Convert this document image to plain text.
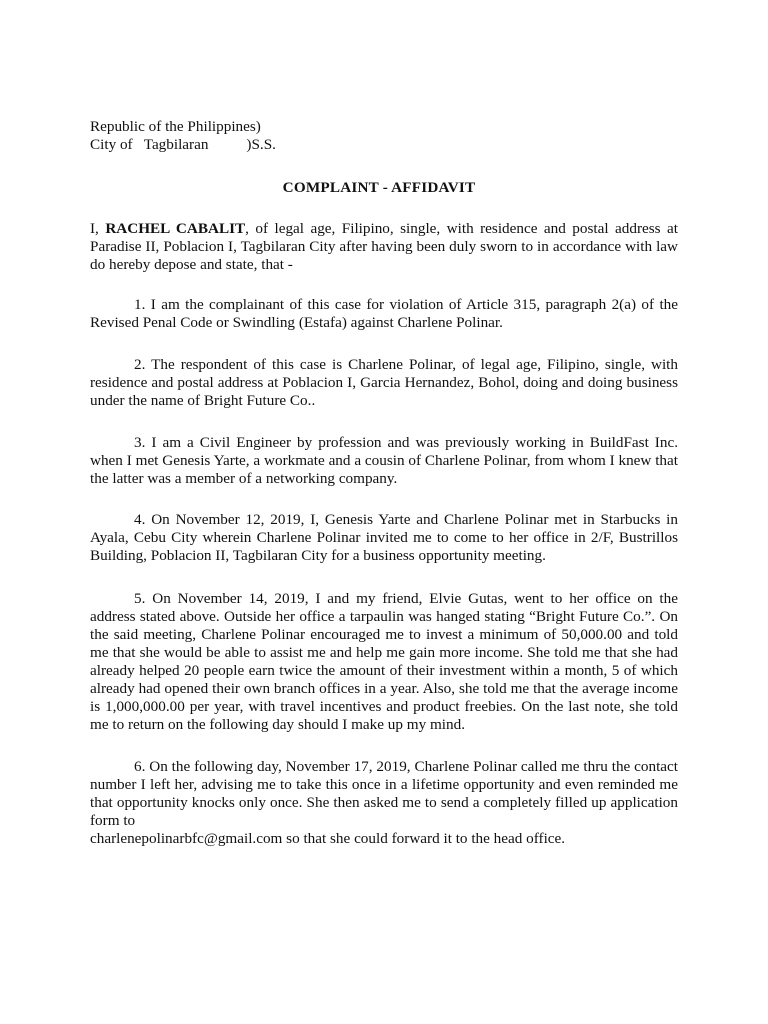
Republic of the Philippines)
City of   Tagbilaran          )S.S.
COMPLAINT - AFFIDAVIT

I, RACHEL CABALIT, of legal age, Filipino, single, with residence and postal address at Paradise II, Poblacion I, Tagbilaran City after having been duly sworn to in accordance with law do hereby depose and state, that -

1. I am the complainant of this case for violation of Article 315, paragraph 2(a) of the Revised Penal Code or Swindling (Estafa) against Charlene Polinar.

2. The respondent of this case is Charlene Polinar, of legal age, Filipino, single, with residence and postal address at Poblacion I, Garcia Hernandez, Bohol, doing and doing business under the name of Bright Future Co..

3. I am a Civil Engineer by profession and was previously working in BuildFast Inc. when I met Genesis Yarte, a workmate and a cousin of Charlene Polinar, from whom I knew that the latter was a member of a networking company.

4. On November 12, 2019, I, Genesis Yarte and Charlene Polinar met in Starbucks in Ayala, Cebu City wherein Charlene Polinar invited me to come to her office in 2/F, Bustrillos Building, Poblacion II, Tagbilaran City for a business opportunity meeting.

5. On November 14, 2019, I and my friend, Elvie Gutas, went to her office on the address stated above. Outside her office a tarpaulin was hanged stating “Bright Future Co.”. On the said meeting, Charlene Polinar encouraged me to invest a minimum of 50,000.00 and told me that she would be able to assist me and help me gain more income. She told me that she had already helped 20 people earn twice the amount of their investment within a month, 5 of which already had opened their own branch offices in a year. Also, she told me that the average income is 1,000,000.00 per year, with travel incentives and product freebies. On the last note, she told me to return on the following day should I make up my mind.

6. On the following day, November 17, 2019, Charlene Polinar called me thru the contact number I left her, advising me to take this once in a lifetime opportunity and even reminded me that opportunity knocks only once. She then asked me to send a completely filled up application form to
charlenepolinarbfc@gmail.com so that she could forward it to the head office.
